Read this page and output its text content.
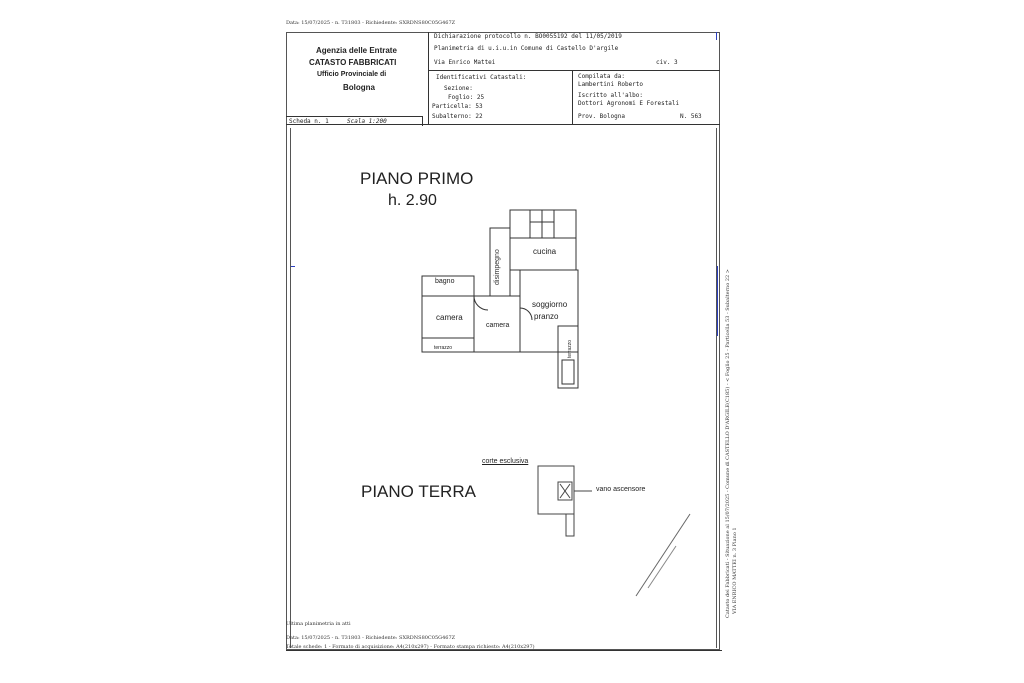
Data: 15/07/2025 - n. T31803 - Richiedente: SXRDNS80C05G467Z
Agenzia delle Entrate
CATASTO FABBRICATI
Ufficio Provinciale di
Bologna
Dichiarazione protocollo n. BO0055192 del 11/05/2019
Planimetria di u.i.u.in Comune di Castello D'argile
Via Enrico Mattei	civ. 3
Identificativi Catastali:
Sezione:
Foglio: 25
Particella: 53
Subalterno: 22
Compilata da:
Lambertini Roberto
Iscritto all'albo:
Dottori Agronomi E Forestali
Prov. Bologna	N. 563
Scheda n. 1	Scala 1:200
PIANO PRIMO
h. 2.90
cucina
disimpegno
bagno
soggiorno
pranzo
camera
camera
terrazzo	terrazzo
corte esclusiva
PIANO TERRA	vano ascensore	Catasto dei Fabbricati - Situazione al 15/07/2025 - Comune di CASTELLO D'ARGILE(C185) - < Foglio 25 - Particella 53 - Subalterno 22 > VIA ENRICO MATTEI n. 3 Piano 1
Ultima planimetria in atti
Data: 15/07/2025 - n. T31803 - Richiedente: SXRDNS80C05G467Z
Totale schede: 1 - Formato di acquisizione: A4(210x297) - Formato stampa richiesto: A4(210x297)
